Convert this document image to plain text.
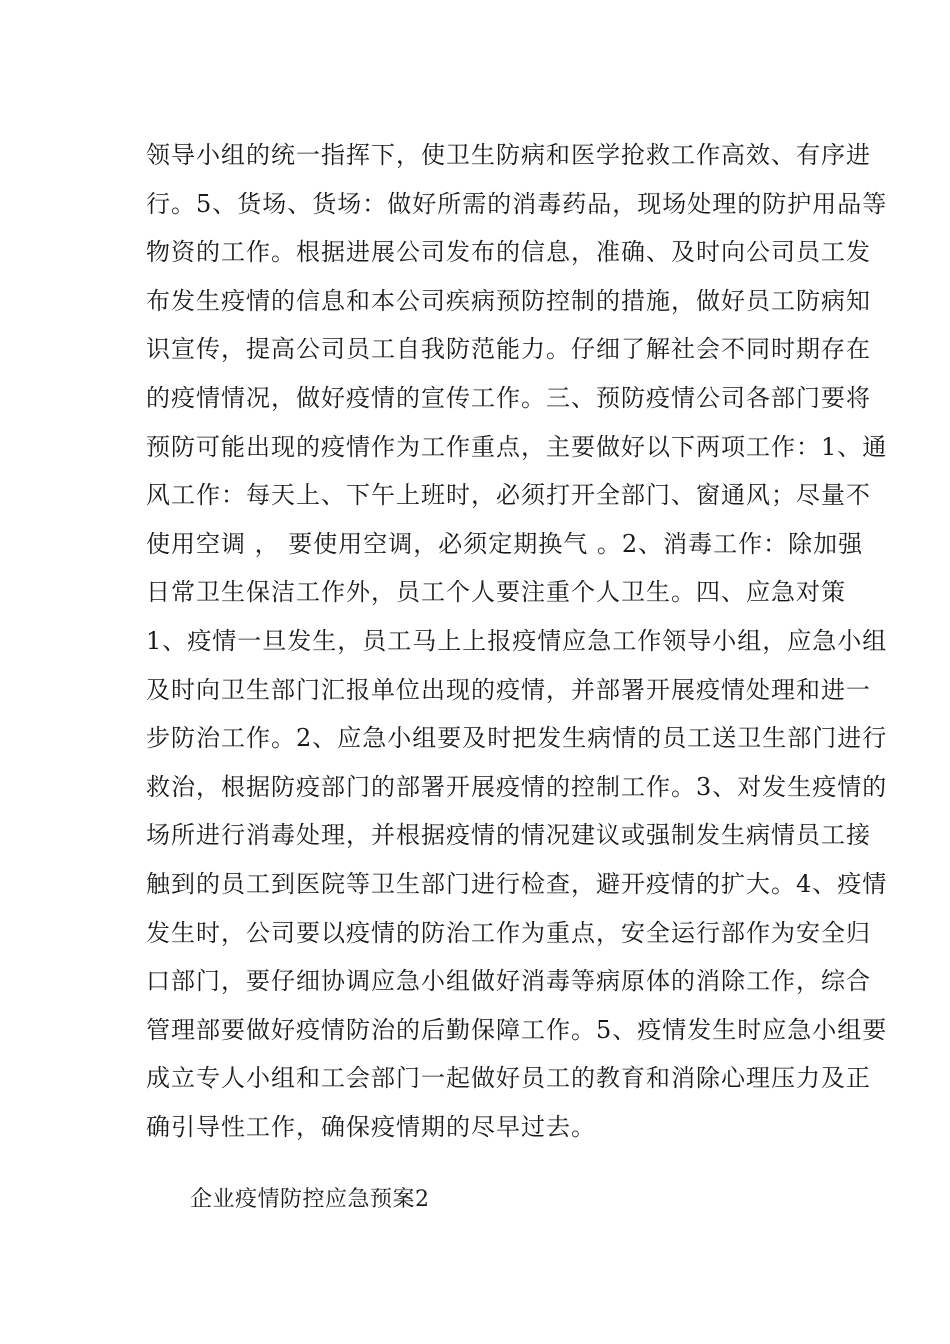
领导小组的统一指挥下，使卫生防病和医学抢救工作高效、有序进
行。5、货场、货场：做好所需的消毒药品，现场处理的防护用品等
物资的工作。根据进展公司发布的信息，准确、及时向公司员工发
布发生疫情的信息和本公司疾病预防控制的措施，做好员工防病知
识宣传，提高公司员工自我防范能力。仔细了解社会不同时期存在
的疫情情况，做好疫情的宣传工作。三、预防疫情公司各部门要将
预防可能出现的疫情作为工作重点，主要做好以下两项工作：1、通
风工作：每天上、下午上班时，必须打开全部门、窗通风；尽量不
使用空调 ， 要使用空调，必须定期换气 。2、消毒工作：除加强
日常卫生保洁工作外，员工个人要注重个人卫生。四、应急对策
1、疫情一旦发生，员工马上上报疫情应急工作领导小组，应急小组
及时向卫生部门汇报单位出现的疫情，并部署开展疫情处理和进一
步防治工作。2、应急小组要及时把发生病情的员工送卫生部门进行
救治，根据防疫部门的部署开展疫情的控制工作。3、对发生疫情的
场所进行消毒处理，并根据疫情的情况建议或强制发生病情员工接
触到的员工到医院等卫生部门进行检查，避开疫情的扩大。4、疫情
发生时，公司要以疫情的防治工作为重点，安全运行部作为安全归
口部门，要仔细协调应急小组做好消毒等病原体的消除工作，综合
管理部要做好疫情防治的后勤保障工作。5、疫情发生时应急小组要
成立专人小组和工会部门一起做好员工的教育和消除心理压力及正
确引导性工作，确保疫情期的尽早过去。
企业疫情防控应急预案2
